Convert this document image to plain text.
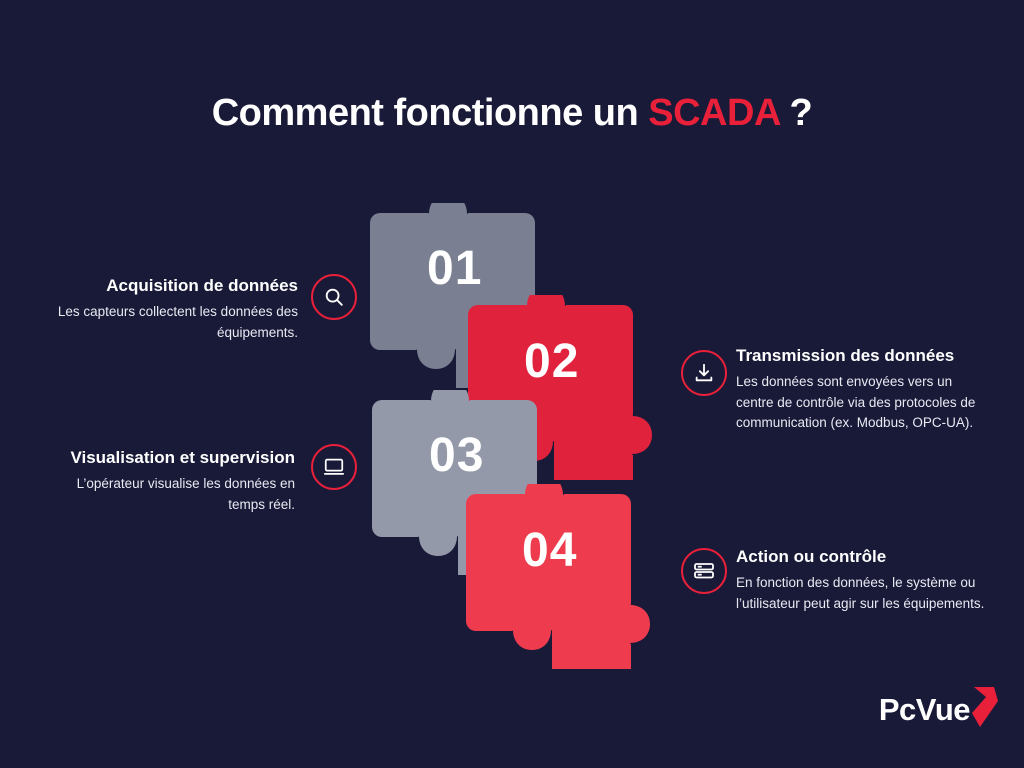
Comment fonctionne un SCADA ?
01
02
03
04
Acquisition de données
Les capteurs collectent les données des équipements.
Transmission des données
Les données sont envoyées vers un centre de contrôle via des protocoles de communication (ex. Modbus, OPC-UA).
Visualisation et supervision
L’opérateur visualise les données en temps réel.
Action ou contrôle
En fonction des données, le système ou l’utilisateur peut agir sur les équipements.
PcVue
